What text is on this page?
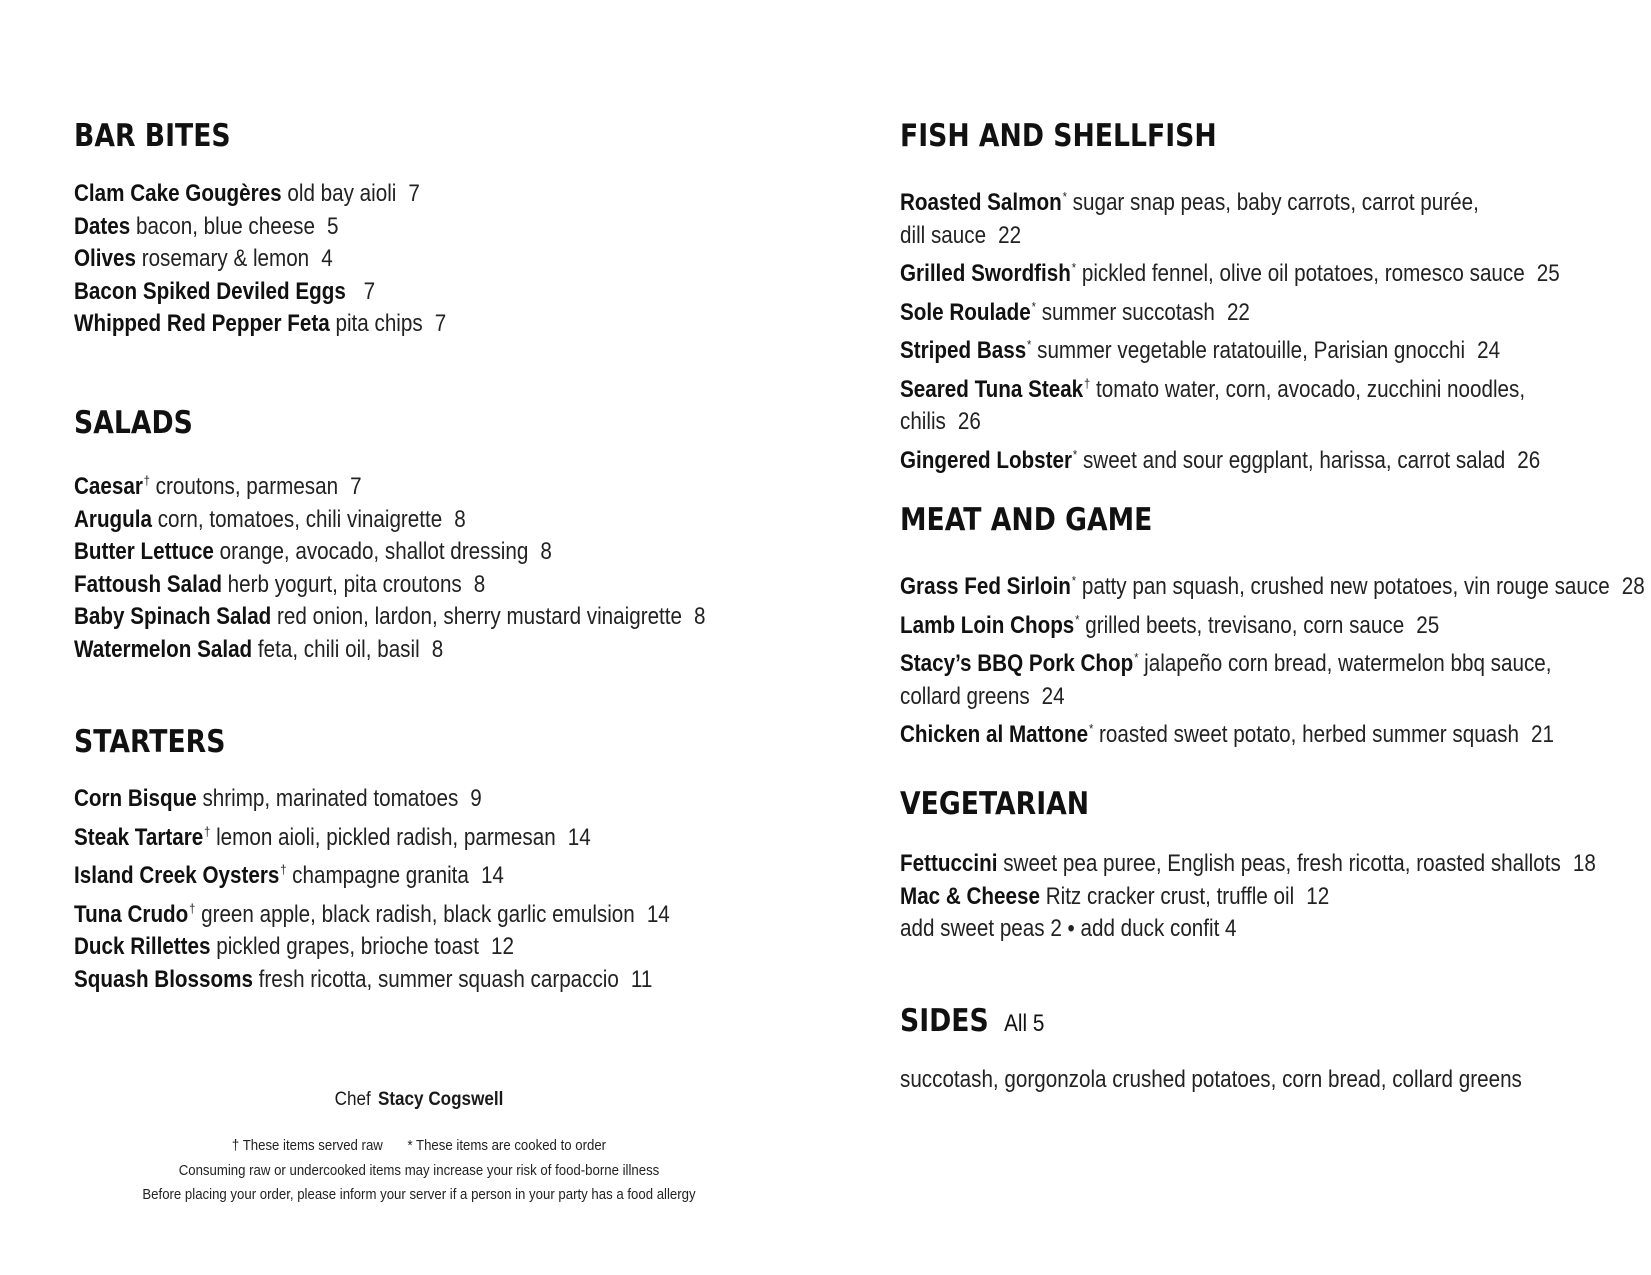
BAR BITES
Clam Cake Gougères old bay aioli 7
Dates bacon, blue cheese 5
Olives rosemary & lemon 4
Bacon Spiked Deviled Eggs 7
Whipped Red Pepper Feta pita chips 7
SALADS
Caesar† croutons, parmesan 7
Arugula corn, tomatoes, chili vinaigrette 8
Butter Lettuce orange, avocado, shallot dressing 8
Fattoush Salad herb yogurt, pita croutons 8
Baby Spinach Salad red onion, lardon, sherry mustard vinaigrette 8
Watermelon Salad feta, chili oil, basil 8
STARTERS
Corn Bisque shrimp, marinated tomatoes 9
Steak Tartare† lemon aioli, pickled radish, parmesan 14
Island Creek Oysters† champagne granita 14
Tuna Crudo† green apple, black radish, black garlic emulsion 14
Duck Rillettes pickled grapes, brioche toast 12
Squash Blossoms fresh ricotta, summer squash carpaccio 11
Chef Stacy Cogswell
† These items served raw * These items are cooked to order
Consuming raw or undercooked items may increase your risk of food-borne illness
Before placing your order, please inform your server if a person in your party has a food allergy
FISH AND SHELLFISH
Roasted Salmon* sugar snap peas, baby carrots, carrot purée,
dill sauce 22
Grilled Swordfish* pickled fennel, olive oil potatoes, romesco sauce 25
Sole Roulade* summer succotash 22
Striped Bass* summer vegetable ratatouille, Parisian gnocchi 24
Seared Tuna Steak† tomato water, corn, avocado, zucchini noodles,
chilis 26
Gingered Lobster* sweet and sour eggplant, harissa, carrot salad 26
MEAT AND GAME
Grass Fed Sirloin* patty pan squash, crushed new potatoes, vin rouge sauce 28
Lamb Loin Chops* grilled beets, trevisano, corn sauce 25
Stacy’s BBQ Pork Chop* jalapeño corn bread, watermelon bbq sauce,
collard greens 24
Chicken al Mattone* roasted sweet potato, herbed summer squash 21
VEGETARIAN
Fettuccini sweet pea puree, English peas, fresh ricotta, roasted shallots 18
Mac & Cheese Ritz cracker crust, truffle oil 12
add sweet peas 2 • add duck confit 4
SIDES All 5
succotash, gorgonzola crushed potatoes, corn bread, collard greens
